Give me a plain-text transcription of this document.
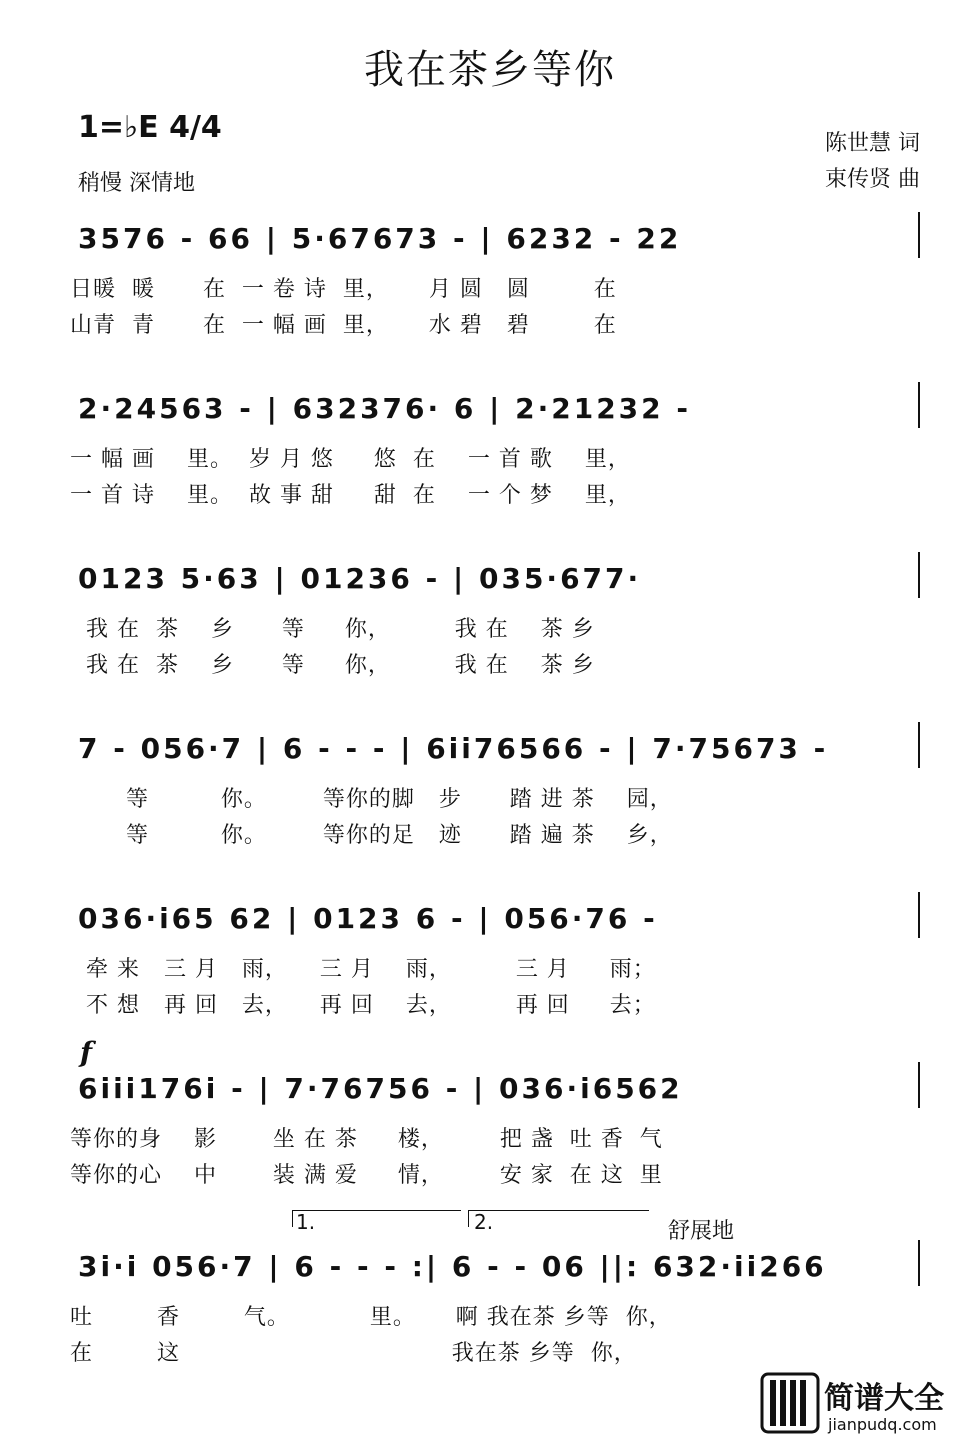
我在茶乡等你
1=♭E 4/4
稍慢 深情地
陈世慧 词
束传贤 曲
3576 - 66 | 5·67673 - | 6232 - 22
日暖  暖      在  一 卷 诗  里，     月 圆   圆        在
山青  青      在  一 幅 画  里，     水 碧   碧        在
2·24563 - | 632376· 6 | 2·21232 -
一 幅 画    里。  岁 月 悠     悠  在    一 首 歌    里，
一 首 诗    里。  故 事 甜     甜  在    一 个 梦    里，
0123 5·63 | 01236 - | 035·677·
我 在  茶    乡      等     你，        我 在    茶 乡
我 在  茶    乡      等     你，        我 在    茶 乡
7 - 056·7 | 6 - - - | 6ii76566 - | 7·75673 -
等         你。       等你的脚   步      踏 进 茶    园，
等         你。       等你的足   迹      踏 遍 茶    乡，
036·i65 62 | 0123 6 - | 056·76 -
牵 来   三 月   雨，    三 月    雨，        三 月     雨；
不 想   再 回   去，    再 回    去，        再 回     去；
f
6iii176i - | 7·76756 - | 036·i6562
等你的身    影       坐 在 茶     楼，       把 盏  吐 香  气
等你的心    中       装 满 爱     情，       安 家  在 这  里
1.	2.	舒展地
3i·i 056·7 | 6 - - - :| 6 - - 06 ||: 632·ii266
吐        香        气。          里。     啊 我在茶 乡等  你，
在        这                                  我在茶 乡等  你，
简谱大全
jianpudq.com
